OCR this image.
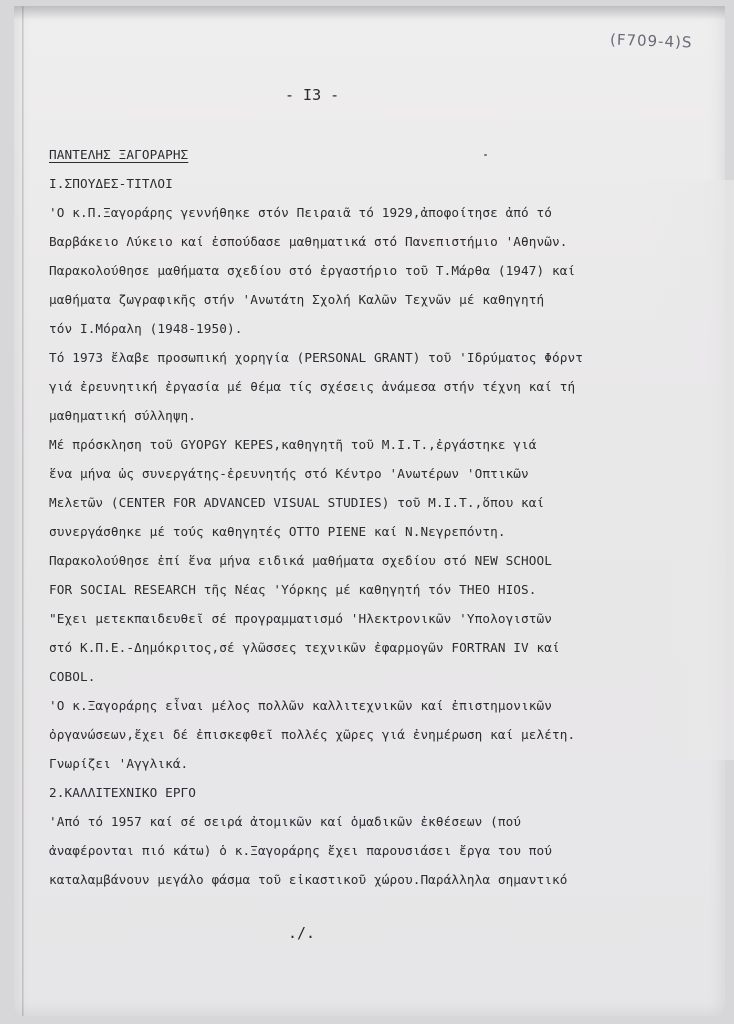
(F709-4)S
- I3 -
ΠΑΝΤΕΛΗΣ ΞΑΓΟΡΑΡΗΣ
Ι.ΣΠΟΥΔΕΣ-ΤΙΤΛΟΙ
'Ο κ.Π.Ξαγοράρης γεννήθηκε στόν Πειραιᾶ τό 1929,ἀποφοίτησε ἀπό τό
Βαρβάκειο Λύκειο καί ἐσπούδασε μαθηματικά στό Πανεπιστήμιο 'Αθηνῶν.
Παρακολούθησε μαθήματα σχεδίου στό ἐργαστήριο τοῦ Τ.Μάρθα (1947) καί
μαθήματα ζωγραφικῆς στήν 'Ανωτάτη Σχολή Καλῶν Τεχνῶν μέ καθηγητή
τόν Ι.Μόραλη (1948-1950).
Τό 1973 ἔλαβε προσωπική χορηγία (PERSONAL GRANT) τοῦ 'Ιδρύματος Φόρντ
γιά ἐρευνητική ἐργασία μέ θέμα τίς σχέσεις ἀνάμεσα στήν τέχνη καί τή
μαθηματική σύλληψη.
Μέ πρόσκληση τοῦ GYOPGY KEPES,καθηγητῆ τοῦ Μ.Ι.Τ.,ἐργάστηκε γιά
ἕνα μήνα ὡς συνεργάτης-ἐρευνητής στό Κέντρο 'Ανωτέρων 'Οπτικῶν
Μελετῶν (CENTER FOR ADVANCED VISUAL STUDIES) τοῦ Μ.Ι.Τ.,ὅπου καί
συνεργάσθηκε μέ τούς καθηγητές OTTO PIENE καί Ν.Νεγρεπόντη.
Παρακολούθησε ἐπί ἕνα μήνα ειδικά μαθήματα σχεδίου στό NEW SCHOOL
FOR SOCIAL RESEARCH τῆς Νέας 'Υόρκης μέ καθηγητή τόν THEO HIOS.
"Εχει μετεκπαιδευθεῖ σέ προγραμματισμό 'Ηλεκτρονικῶν 'Υπολογιστῶν
στό Κ.Π.Ε.-Δημόκριτος,σέ γλῶσσες τεχνικῶν ἐφαρμογῶν FORTRAN IV καί
COBOL.
'Ο κ.Ξαγοράρης εἶναι μέλος πολλῶν καλλιτεχνικῶν καί ἐπιστημονικῶν
ὀργανώσεων,ἔχει δέ ἐπισκεφθεῖ πολλές χῶρες γιά ἐνημέρωση καί μελέτη.
Γνωρίζει 'Αγγλικά.
2.ΚΑΛΛΙΤΕΧΝΙΚΟ ΕΡΓΟ
'Από τό 1957 καί σέ σειρά ἀτομικῶν καί ὁμαδικῶν ἐκθέσεων (πού
ἀναφέρονται πιό κάτω) ὁ κ.Ξαγοράρης ἔχει παρουσιάσει ἔργα του πού
καταλαμβάνουν μεγάλο φάσμα τοῦ εἰκαστικοῦ χώρου.Παράλληλα σημαντικό
./.
